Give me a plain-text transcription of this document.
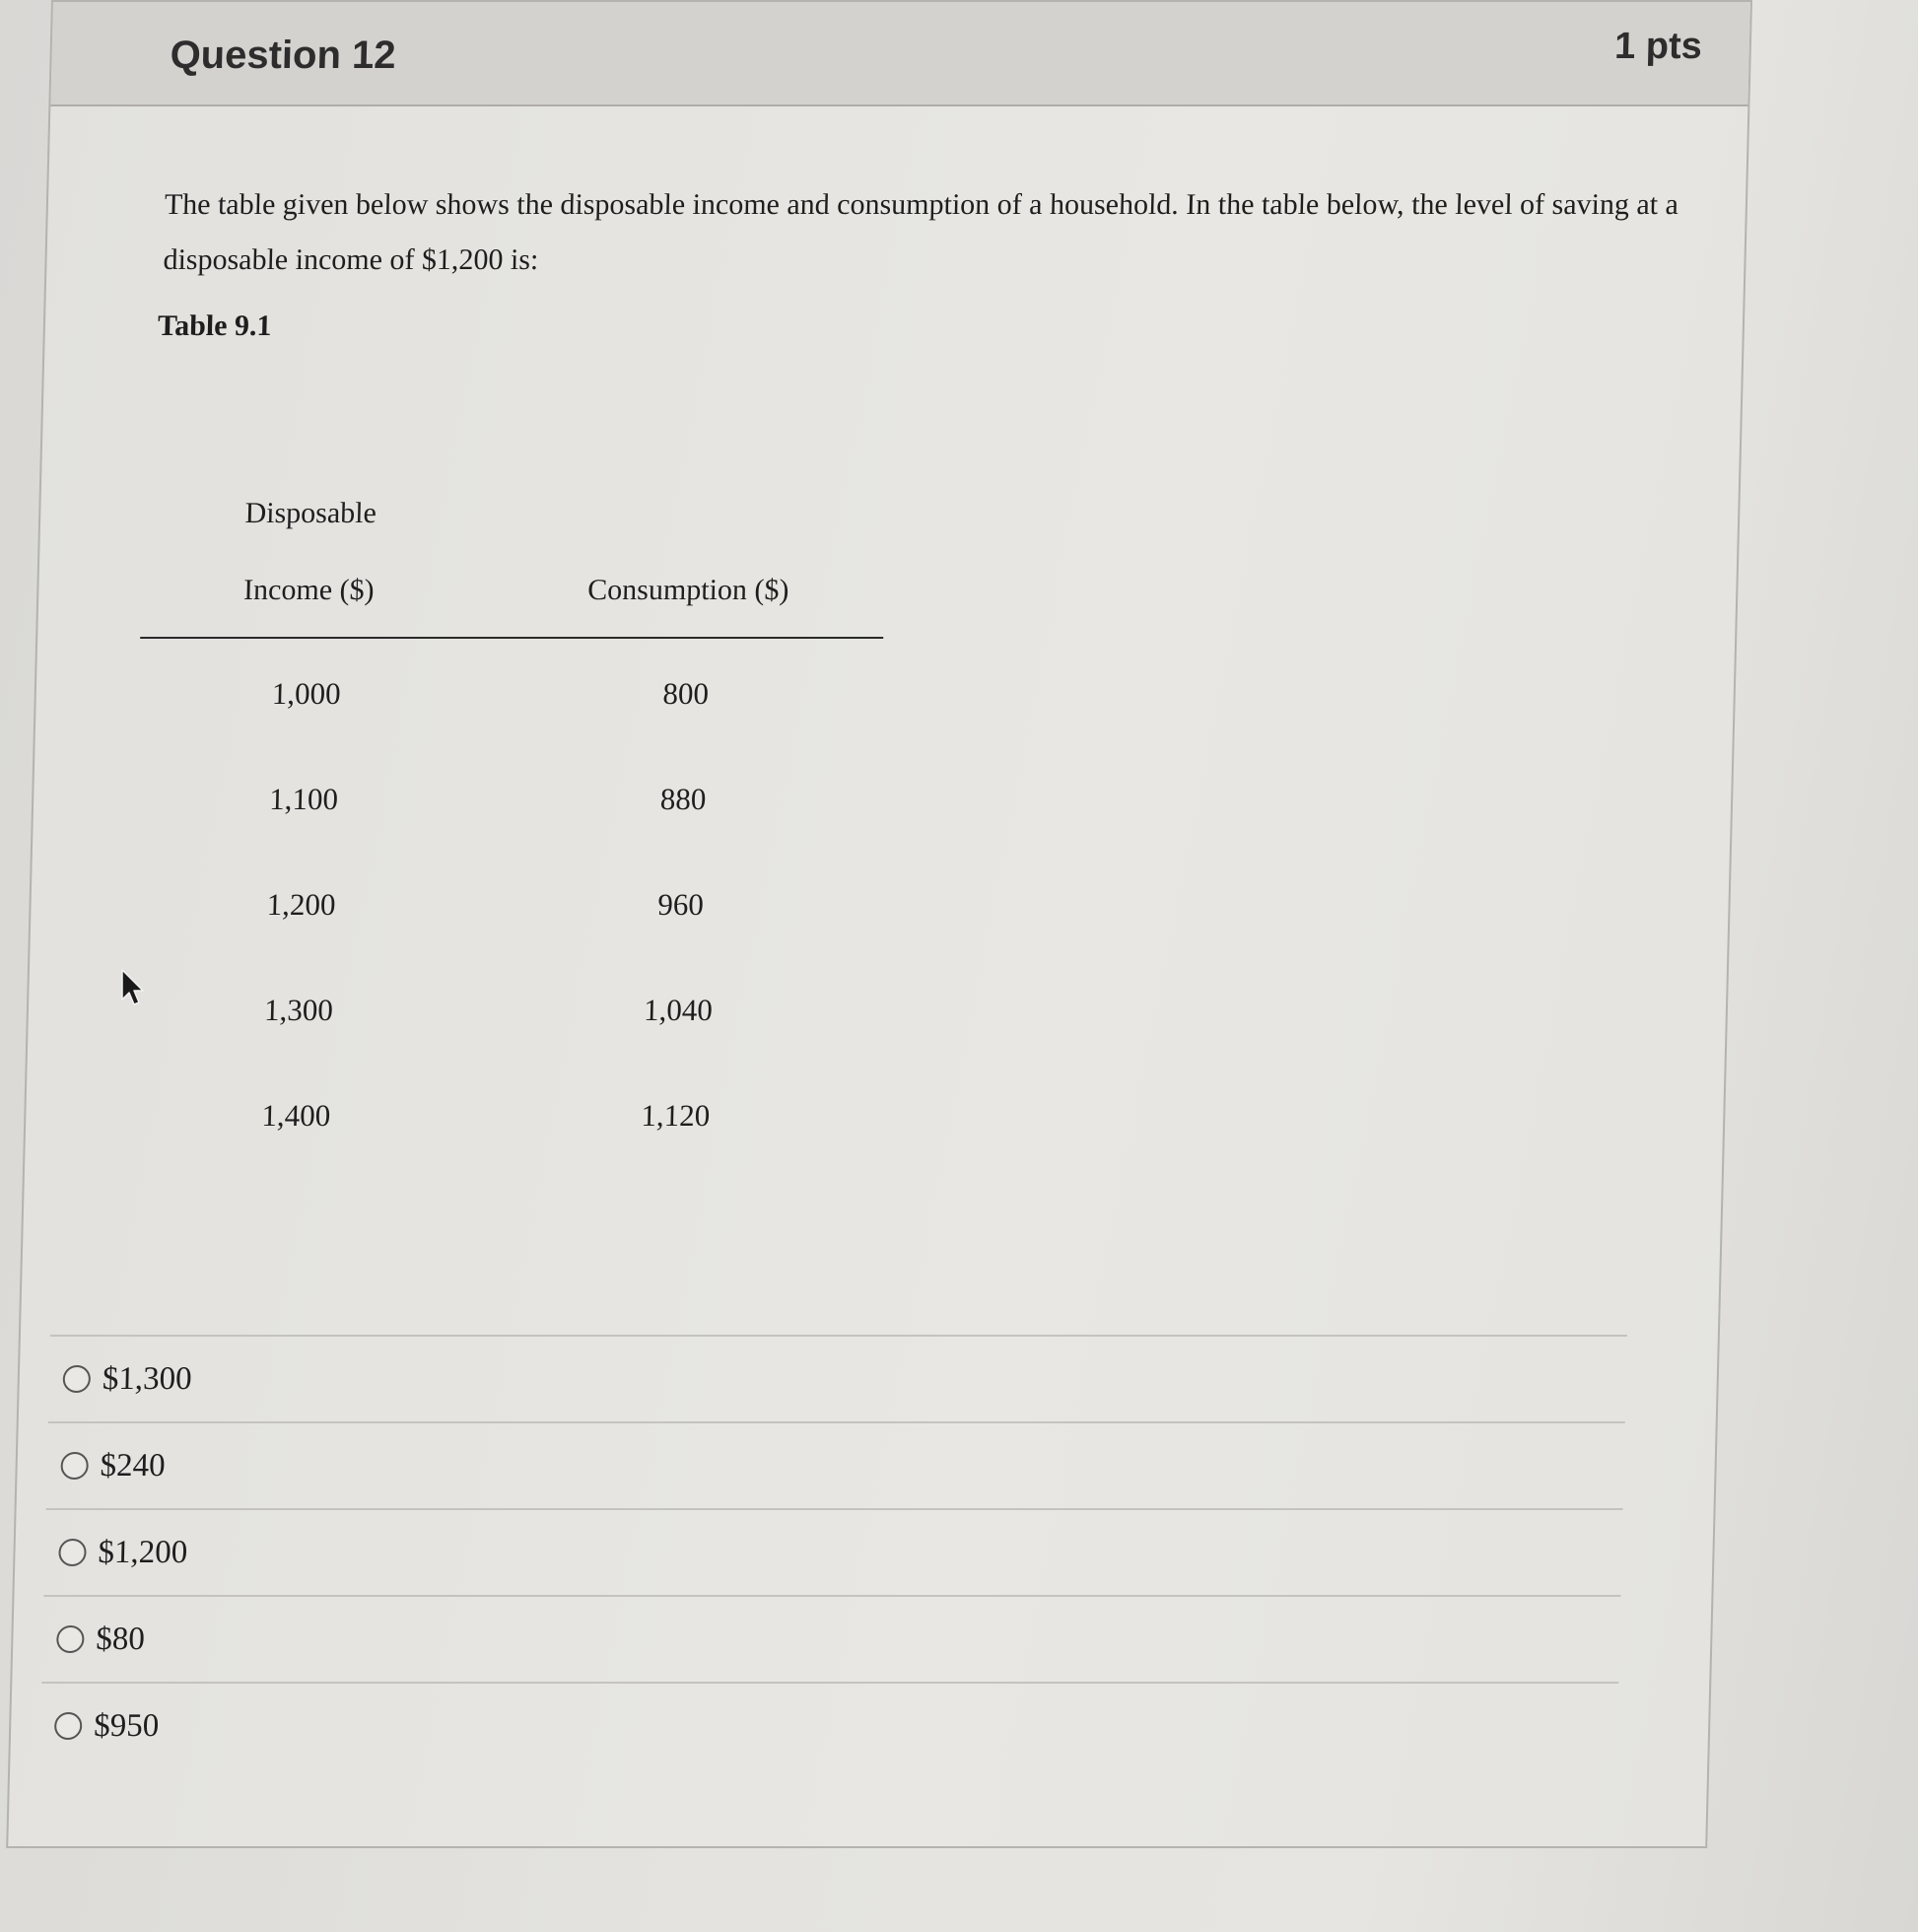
Question 12	1 pts
The table given below shows the disposable income and consumption of a household. In the table below, the level of saving at a disposable income of $1,200 is:
Table 9.1
Disposable
Income ($)	Consumption ($)
1,000	800
1,100	880
1,200	960
1,300	1,040
1,400	1,120
$1,300
$240
$1,200
$80
$950
